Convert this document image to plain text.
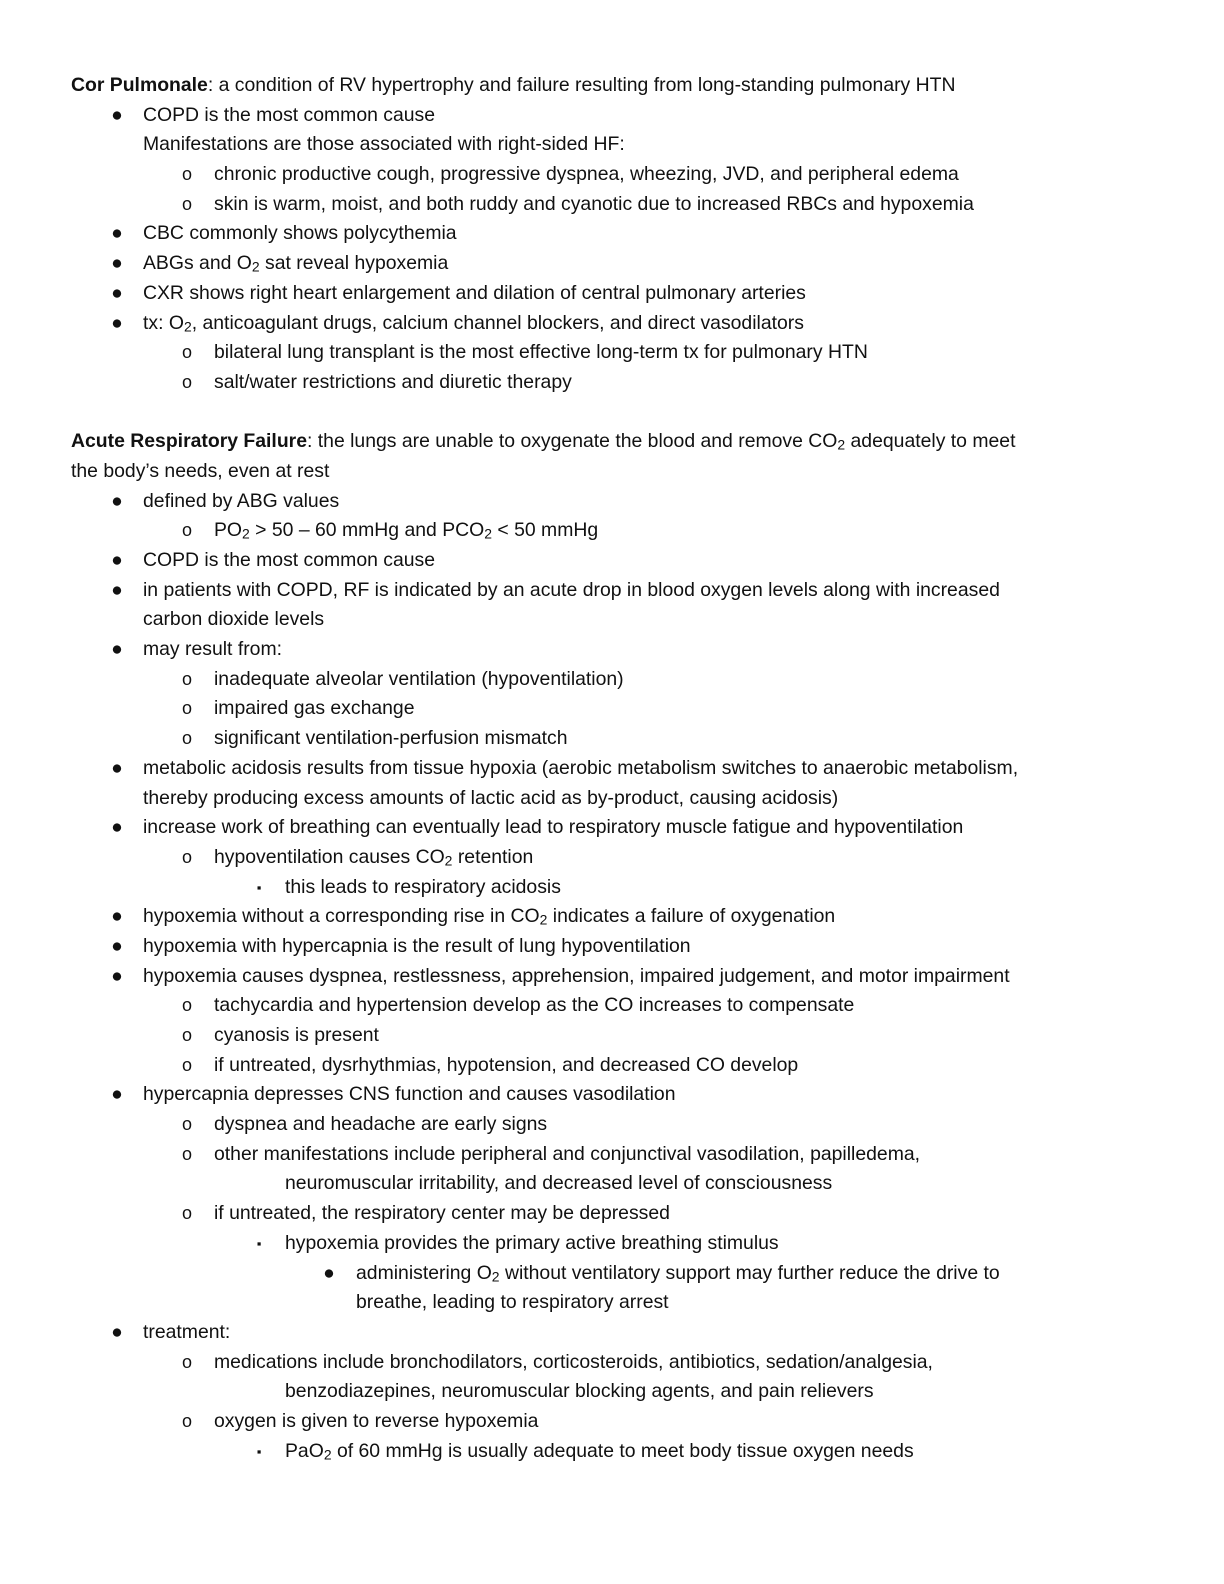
Cor Pulmonale: a condition of RV hypertrophy and failure resulting from long-standing pulmonary HTN
● COPD is the most common cause
Manifestations are those associated with right-sided HF:
o chronic productive cough, progressive dyspnea, wheezing, JVD, and peripheral edema
o skin is warm, moist, and both ruddy and cyanotic due to increased RBCs and hypoxemia
● CBC commonly shows polycythemia
● ABGs and O2 sat reveal hypoxemia
● CXR shows right heart enlargement and dilation of central pulmonary arteries
● tx: O2, anticoagulant drugs, calcium channel blockers, and direct vasodilators
o bilateral lung transplant is the most effective long-term tx for pulmonary HTN
o salt/water restrictions and diuretic therapy
Acute Respiratory Failure: the lungs are unable to oxygenate the blood and remove CO2 adequately to meet
the body’s needs, even at rest
● defined by ABG values
o PO2 > 50 – 60 mmHg and PCO2 < 50 mmHg
● COPD is the most common cause
● in patients with COPD, RF is indicated by an acute drop in blood oxygen levels along with increased
carbon dioxide levels
● may result from:
o inadequate alveolar ventilation (hypoventilation)
o impaired gas exchange
o significant ventilation-perfusion mismatch
● metabolic acidosis results from tissue hypoxia (aerobic metabolism switches to anaerobic metabolism,
thereby producing excess amounts of lactic acid as by-product, causing acidosis)
● increase work of breathing can eventually lead to respiratory muscle fatigue and hypoventilation
o hypoventilation causes CO2 retention
▪	this leads to respiratory acidosis
● hypoxemia without a corresponding rise in CO2 indicates a failure of oxygenation
● hypoxemia with hypercapnia is the result of lung hypoventilation
● hypoxemia causes dyspnea, restlessness, apprehension, impaired judgement, and motor impairment
o tachycardia and hypertension develop as the CO increases to compensate
o cyanosis is present
o if untreated, dysrhythmias, hypotension, and decreased CO develop
● hypercapnia depresses CNS function and causes vasodilation
o dyspnea and headache are early signs
o other manifestations include peripheral and conjunctival vasodilation, papilledema,
neuromuscular irritability, and decreased level of consciousness
o if untreated, the respiratory center may be depressed
▪	hypoxemia provides the primary active breathing stimulus
● administering O2 without ventilatory support may further reduce the drive to
breathe, leading to respiratory arrest
● treatment:
o medications include bronchodilators, corticosteroids, antibiotics, sedation/analgesia,
benzodiazepines, neuromuscular blocking agents, and pain relievers
o oxygen is given to reverse hypoxemia
▪	PaO2 of 60 mmHg is usually adequate to meet body tissue oxygen needs
